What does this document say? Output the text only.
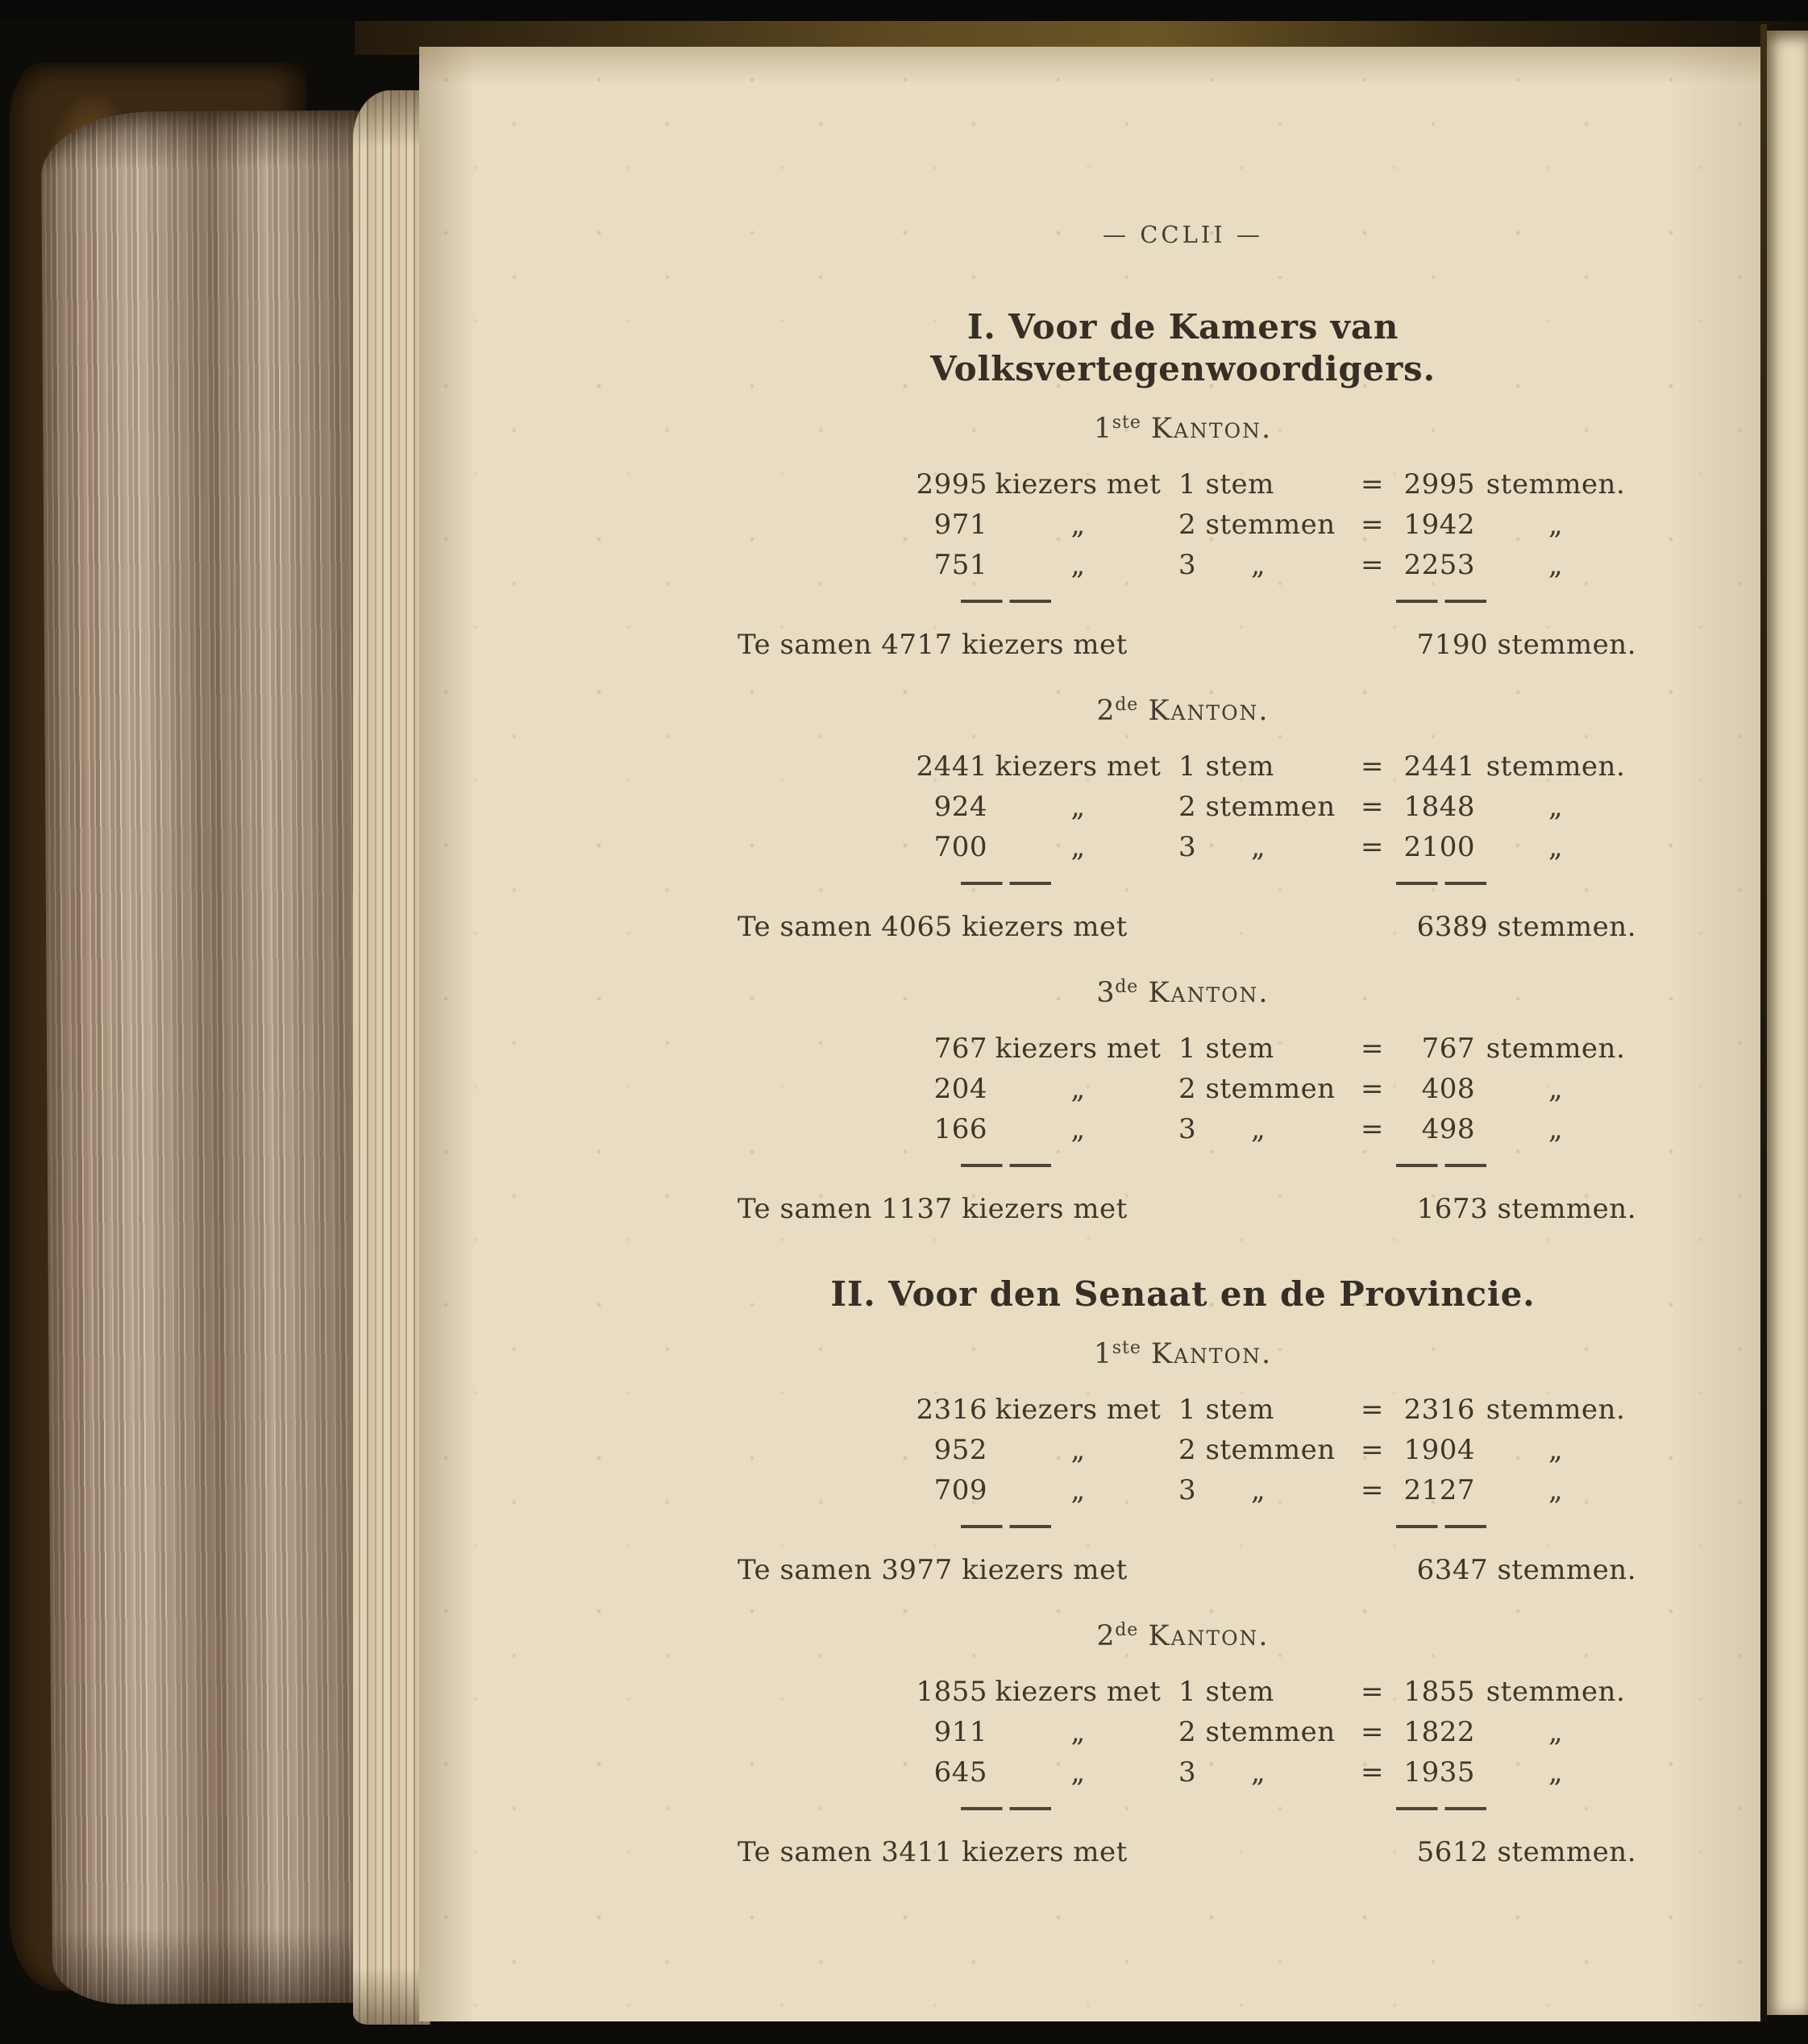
— CCLII —
I. Voor de Kamers van Volksvertegenwoordigers.
1ste Kanton.
2995 kiezers met 1 stem	= 2995 stemmen.
971	„	2 stemmen = 1942	„
751	„	3      „	= 2253	„
Te samen 4717 kiezers met	7190 stemmen.
2de Kanton.
2441 kiezers met 1 stem	= 2441 stemmen.
924	„	2 stemmen = 1848	„
700	„	3      „	= 2100	„
Te samen 4065 kiezers met	6389 stemmen.
3de Kanton.
767 kiezers met 1 stem	=	767 stemmen.
204	„	2 stemmen =	408	„
166	„	3      „	=	498	„
Te samen 1137 kiezers met	1673 stemmen.
II. Voor den Senaat en de Provincie.
1ste Kanton.
2316 kiezers met 1 stem	= 2316 stemmen.
952	„	2 stemmen = 1904	„
709	„	3      „	= 2127	„
Te samen 3977 kiezers met	6347 stemmen.
2de Kanton.
1855 kiezers met 1 stem	= 1855 stemmen.
911	„	2 stemmen = 1822	„
645	„	3      „	= 1935	„
Te samen 3411 kiezers met	5612 stemmen.
